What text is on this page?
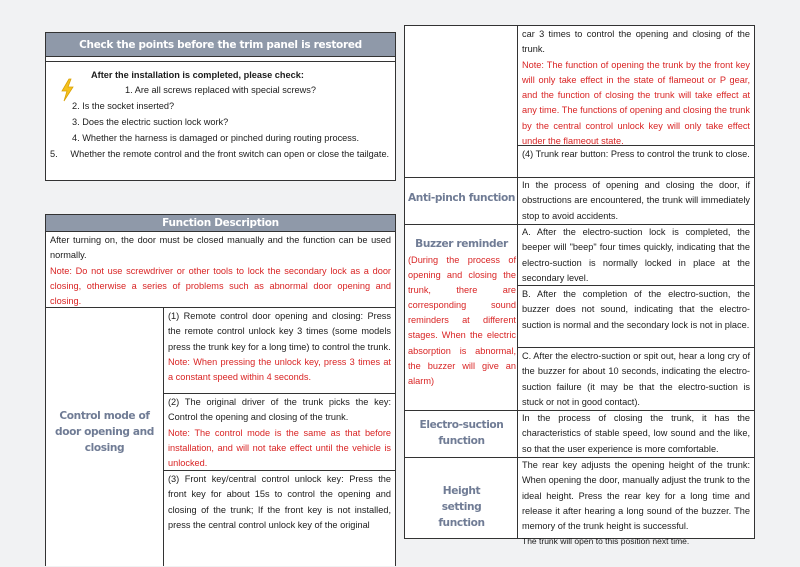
Check the points before the trim panel is restored
After the installation is completed, please check:
1. Are all screws replaced with special screws?
2. Is the socket inserted?
3. Does the electric suction lock work?
4. Whether the harness is damaged or pinched during routing process.
5.     Whether the remote control and the front switch can open or close the tailgate.
Function Description
After turning on, the door must be closed manually and the function can be used normally.
Note: Do not use screwdriver or other tools to lock the secondary lock as a door closing, otherwise a series of problems such as abnormal door opening and closing.
Control mode of door opening and closing
(1) Remote control door opening and closing: Press the remote control unlock key 3 times (some models press the trunk key for a long time) to control the trunk.
Note: When pressing the unlock key, press 3 times at a constant speed within 4 seconds.
(2) The original driver of the trunk picks the key: Control the opening and closing of the trunk.
Note: The control mode is the same as that before installation, and will not take effect until the vehicle is unlocked.
(3) Front key/central control unlock key: Press the front key for about 15s to control the opening and closing of the trunk; If the front key is not installed, press the central control unlock key of the original
car 3 times to control the opening and closing of the trunk.
Note: The function of opening the trunk by the front key will only take effect in the state of flameout or P gear, and the function of closing the trunk will take effect at any time. The functions of opening and closing the trunk by the central control unlock key will only take effect under the flameout state.
(4) Trunk rear button: Press to control the trunk to close.
Anti-pinch function
In the process of opening and closing the door, if obstructions are encountered, the trunk will immediately stop to avoid accidents.
Buzzer reminder
(During the process of opening and closing the trunk, there are corresponding sound reminders at different stages. When the electric absorption is abnormal, the buzzer will give an alarm)
A. After the electro-suction lock is completed, the beeper will "beep" four times quickly, indicating that the electro-suction is normally locked in place at the secondary level.
B. After the completion of the electro-suction, the buzzer does not sound, indicating that the electro-suction is normal and the secondary lock is not in place.
C. After the electro-suction or spit out, hear a long cry of the buzzer for about 10 seconds, indicating the electro-suction failure (it may be that the electro-suction is stuck or not in good contact).
Electro-suction function
In the process of closing the trunk, it has the characteristics of stable speed, low sound and the like, so that the user experience is more comfortable.
Height setting function
The rear key adjusts the opening height of the trunk: When opening the door, manually adjust the trunk to the ideal height. Press the rear key for a long time and release it after hearing a long sound of the buzzer. The memory of the trunk height is successful.
The trunk will open to this position next time.
